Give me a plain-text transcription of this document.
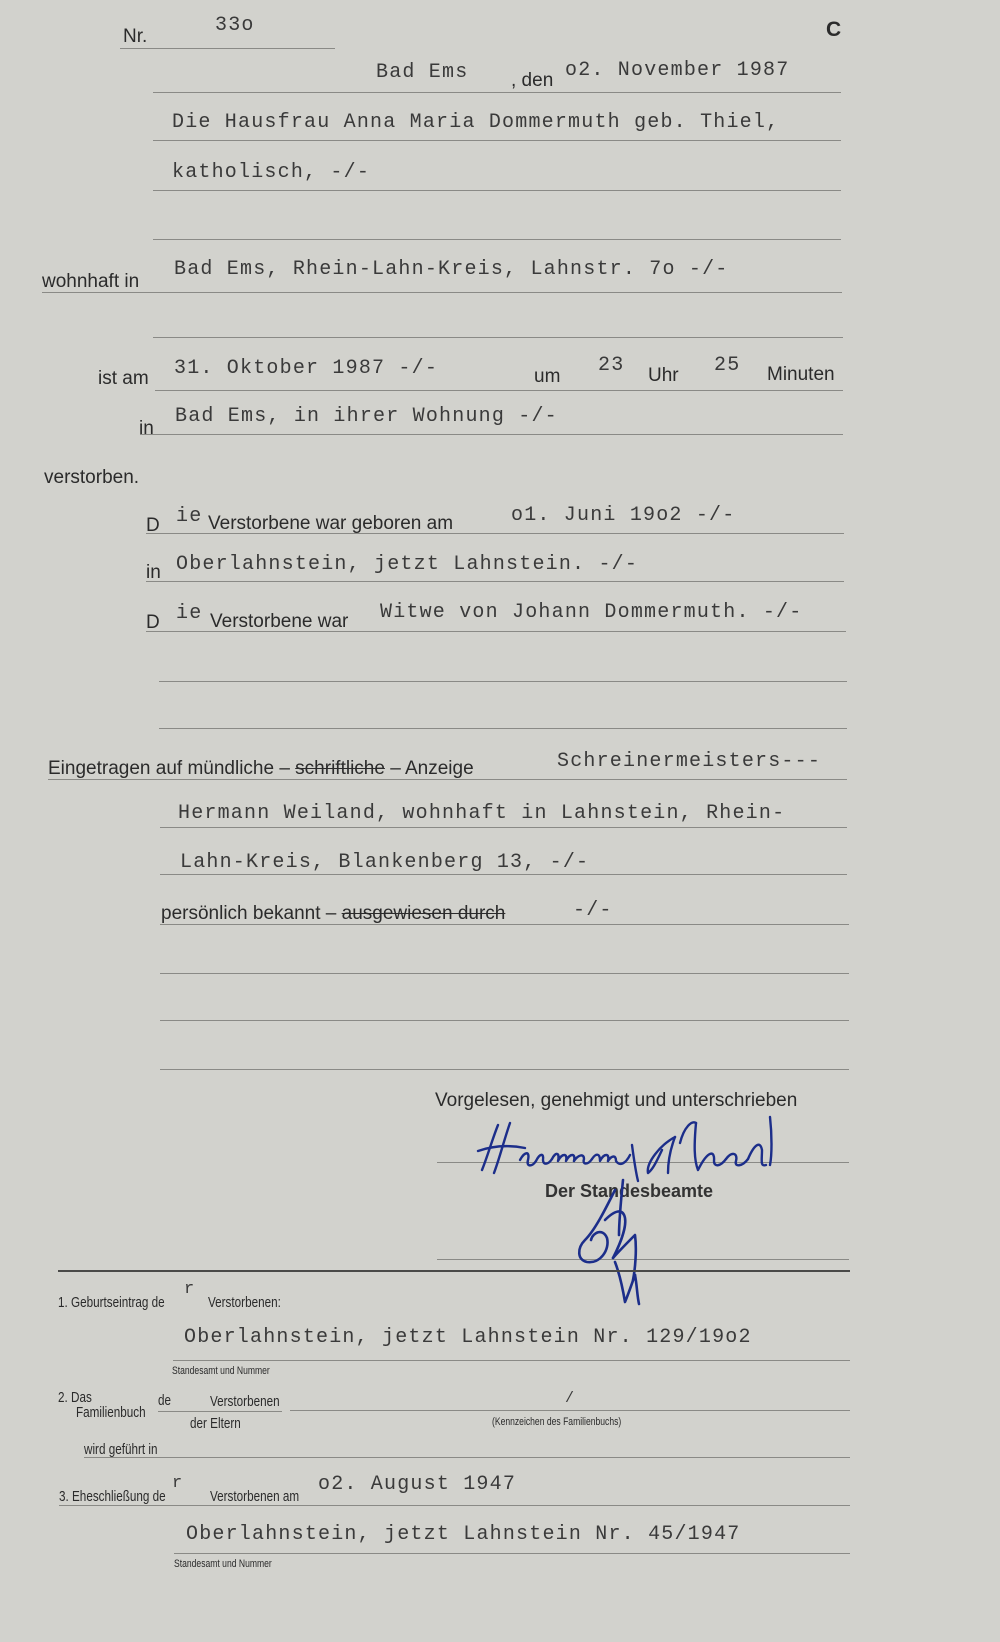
Nr.	33o	C
Bad Ems , den o2. November 1987
Die Hausfrau Anna Maria Dommermuth geb. Thiel,
katholisch, -/-
wohnhaft in
Bad Ems, Rhein-Lahn-Kreis, Lahnstr. 7o -/-
ist am 31. Oktober 1987 -/-	um 23 Uhr 25 Minuten
in
Bad Ems, in ihrer Wohnung -/-
verstorben.
D ie Verstorbene war geboren am	o1. Juni 19o2 -/-
in Oberlahnstein, jetzt Lahnstein. -/-
D ie Verstorbene war Witwe von Johann Dommermuth. -/-
Eingetragen auf mündliche – schriftliche – Anzeige	Schreinermeisters---
Hermann Weiland, wohnhaft in Lahnstein, Rhein-
Lahn-Kreis, Blankenberg 13, -/-
persönlich bekannt – ausgewiesen durch	-/-
Vorgelesen, genehmigt und unterschrieben
Der Standesbeamte
1. Geburtseintrag de
r
Verstorbenen:
Oberlahnstein, jetzt Lahnstein Nr. 129/19o2
Standesamt und Nummer
2. Das
Familienbuch
de	Verstorbenen
der Eltern
/
(Kennzeichen des Familienbuchs)
wird geführt in
3. Eheschließung de
r
Verstorbenen am
o2. August 1947
Oberlahnstein, jetzt Lahnstein Nr. 45/1947
Standesamt und Nummer
